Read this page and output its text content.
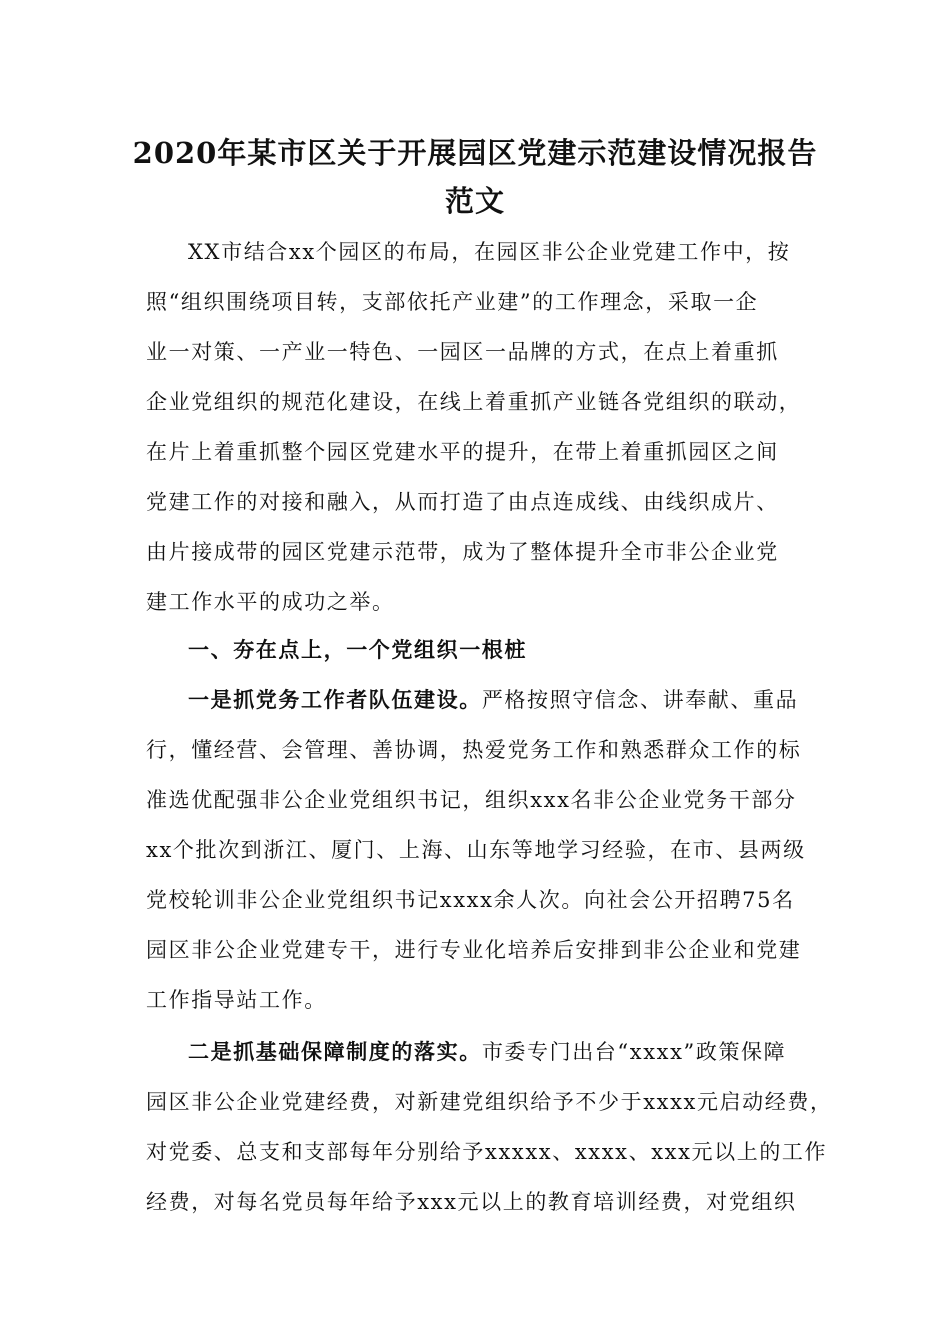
2020年某市区关于开展园区党建示范建设情况报告
范文
XX市结合xx个园区的布局，在园区非公企业党建工作中，按
照“组织围绕项目转，支部依托产业建”的工作理念，采取一企
业一对策、一产业一特色、一园区一品牌的方式，在点上着重抓
企业党组织的规范化建设，在线上着重抓产业链各党组织的联动，
在片上着重抓整个园区党建水平的提升，在带上着重抓园区之间
党建工作的对接和融入，从而打造了由点连成线、由线织成片、
由片接成带的园区党建示范带，成为了整体提升全市非公企业党
建工作水平的成功之举。
一、夯在点上，一个党组织一根桩
一是抓党务工作者队伍建设。严格按照守信念、讲奉献、重品
行，懂经营、会管理、善协调，热爱党务工作和熟悉群众工作的标
准选优配强非公企业党组织书记，组织xxx名非公企业党务干部分
xx个批次到浙江、厦门、上海、山东等地学习经验，在市、县两级
党校轮训非公企业党组织书记xxxx余人次。向社会公开招聘75名
园区非公企业党建专干，进行专业化培养后安排到非公企业和党建
工作指导站工作。
二是抓基础保障制度的落实。市委专门出台“xxxx”政策保障
园区非公企业党建经费，对新建党组织给予不少于xxxx元启动经费，
对党委、总支和支部每年分别给予xxxxx、xxxx、xxx元以上的工作
经费，对每名党员每年给予xxx元以上的教育培训经费，对党组织
